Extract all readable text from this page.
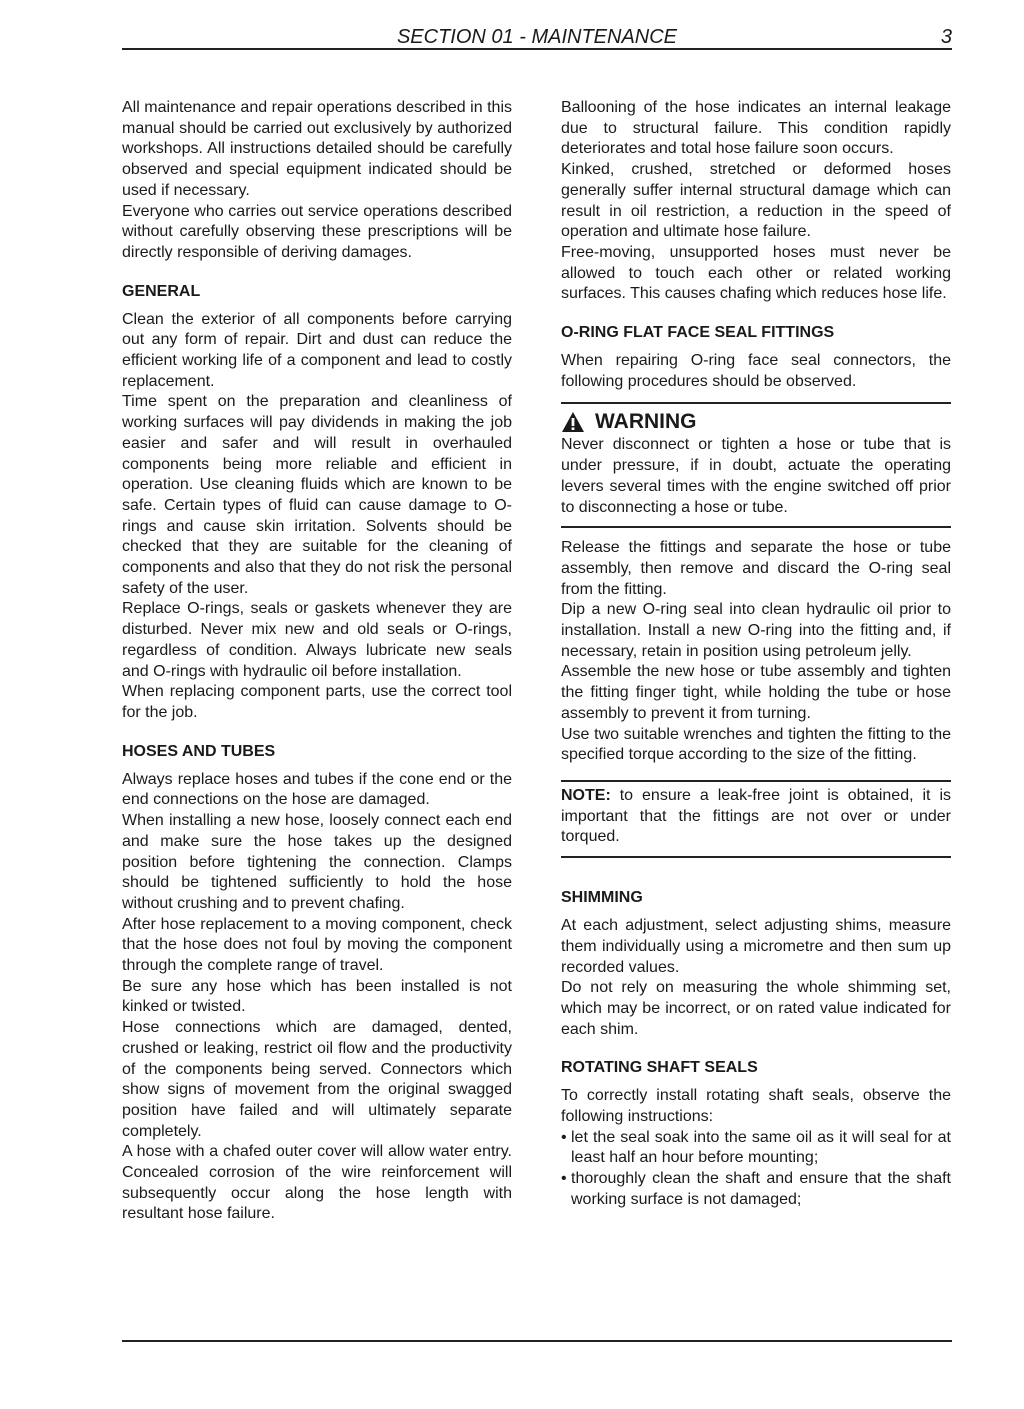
SECTION 01 - MAINTENANCE	3

All maintenance and repair operations described in this manual should be carried out exclusively by authorized workshops. All instructions detailed should be carefully observed and special equipment indicated should be used if necessary.

Everyone who carries out service operations described without carefully observing these prescriptions will be directly responsible of deriving damages.

GENERAL

Clean the exterior of all components before carrying out any form of repair. Dirt and dust can reduce the efficient working life of a component and lead to costly replacement.

Time spent on the preparation and cleanliness of working surfaces will pay dividends in making the job easier and safer and will result in overhauled components being more reliable and efficient in operation. Use cleaning fluids which are known to be safe. Certain types of fluid can cause damage to O-rings and cause skin irritation. Solvents should be checked that they are suitable for the cleaning of components and also that they do not risk the personal safety of the user.

Replace O-rings, seals or gaskets whenever they are disturbed. Never mix new and old seals or O-rings, regardless of condition. Always lubricate new seals and O-rings with hydraulic oil before installation.

When replacing component parts, use the correct tool for the job.

HOSES AND TUBES

Always replace hoses and tubes if the cone end or the end connections on the hose are damaged.

When installing a new hose, loosely connect each end and make sure the hose takes up the designed position before tightening the connection. Clamps should be tightened sufficiently to hold the hose without crushing and to prevent chafing.

After hose replacement to a moving component, check that the hose does not foul by moving the component through the complete range of travel.

Be sure any hose which has been installed is not kinked or twisted.

Hose connections which are damaged, dented, crushed or leaking, restrict oil flow and the productivity of the components being served. Connectors which show signs of movement from the original swagged position have failed and will ultimately separate completely.

A hose with a chafed outer cover will allow water entry. Concealed corrosion of the wire reinforcement will subsequently occur along the hose length with resultant hose failure.

Ballooning of the hose indicates an internal leakage due to structural failure. This condition rapidly deteriorates and total hose failure soon occurs.

Kinked, crushed, stretched or deformed hoses generally suffer internal structural damage which can result in oil restriction, a reduction in the speed of operation and ultimate hose failure.

Free-moving, unsupported hoses must never be allowed to touch each other or related working surfaces. This causes chafing which reduces hose life.

O-RING FLAT FACE SEAL FITTINGS

When repairing O-ring face seal connectors, the following procedures should be observed.

WARNING

Never disconnect or tighten a hose or tube that is under pressure, if in doubt, actuate the operating levers several times with the engine switched off prior to disconnecting a hose or tube.

Release the fittings and separate the hose or tube assembly, then remove and discard the O-ring seal from the fitting.

Dip a new O-ring seal into clean hydraulic oil prior to installation. Install a new O-ring into the fitting and, if necessary, retain in position using petroleum jelly.

Assemble the new hose or tube assembly and tighten the fitting finger tight, while holding the tube or hose assembly to prevent it from turning.

Use two suitable wrenches and tighten the fitting to the specified torque according to the size of the fitting.

NOTE: to ensure a leak-free joint is obtained, it is important that the fittings are not over or under torqued.

SHIMMING

At each adjustment, select adjusting shims, measure them individually using a micrometre and then sum up recorded values.

Do not rely on measuring the whole shimming set, which may be incorrect, or on rated value indicated for each shim.

ROTATING SHAFT SEALS

To correctly install rotating shaft seals, observe the following instructions:

• let the seal soak into the same oil as it will seal for at least half an hour before mounting;
• thoroughly clean the shaft and ensure that the shaft working surface is not damaged;
